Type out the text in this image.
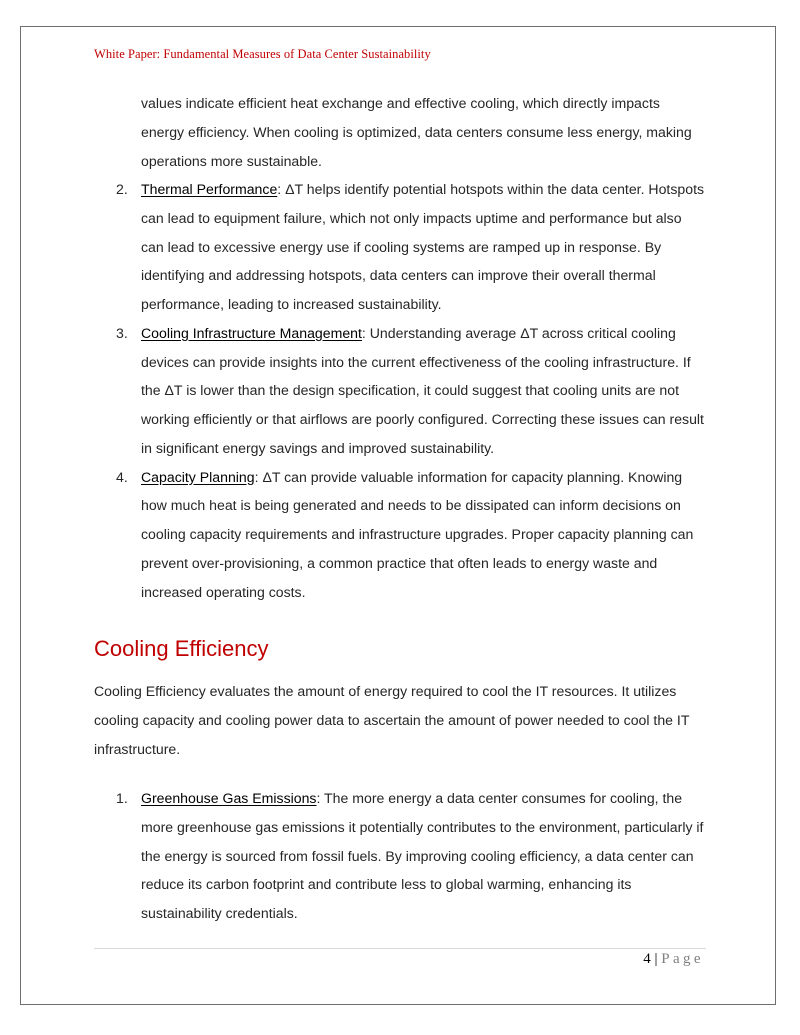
White Paper: Fundamental Measures of Data Center Sustainability

values indicate efficient heat exchange and effective cooling, which directly impacts energy efficiency. When cooling is optimized, data centers consume less energy, making operations more sustainable.

2. Thermal Performance: ΔT helps identify potential hotspots within the data center. Hotspots can lead to equipment failure, which not only impacts uptime and performance but also can lead to excessive energy use if cooling systems are ramped up in response. By identifying and addressing hotspots, data centers can improve their overall thermal performance, leading to increased sustainability.
3. Cooling Infrastructure Management: Understanding average ΔT across critical cooling devices can provide insights into the current effectiveness of the cooling infrastructure. If the ΔT is lower than the design specification, it could suggest that cooling units are not working efficiently or that airflows are poorly configured. Correcting these issues can result in significant energy savings and improved sustainability.
4. Capacity Planning: ΔT can provide valuable information for capacity planning. Knowing how much heat is being generated and needs to be dissipated can inform decisions on cooling capacity requirements and infrastructure upgrades. Proper capacity planning can prevent over-provisioning, a common practice that often leads to energy waste and increased operating costs.
Cooling Efficiency

Cooling Efficiency evaluates the amount of energy required to cool the IT resources. It utilizes cooling capacity and cooling power data to ascertain the amount of power needed to cool the IT infrastructure.

1. Greenhouse Gas Emissions: The more energy a data center consumes for cooling, the more greenhouse gas emissions it potentially contributes to the environment, particularly if the energy is sourced from fossil fuels. By improving cooling efficiency, a data center can reduce its carbon footprint and contribute less to global warming, enhancing its sustainability credentials.
4 | Page
